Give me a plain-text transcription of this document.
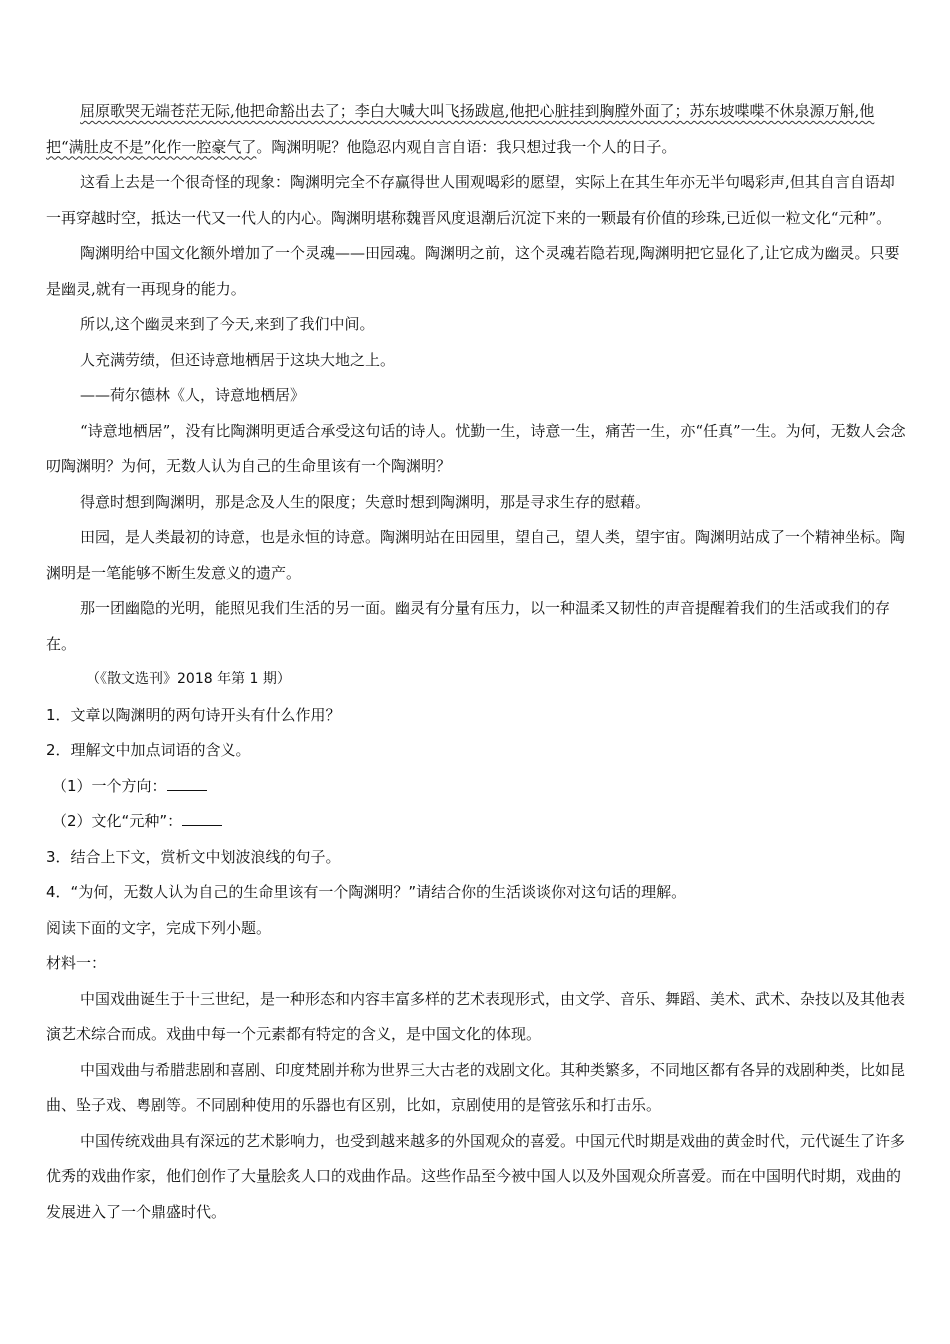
屈原歌哭无端苍茫无际,他把命豁出去了；李白大喊大叫飞扬跋扈,他把心脏挂到胸膛外面了；苏东坡喋喋不休泉源万斛,他把“满肚皮不是”化作一腔豪气了。陶渊明呢？他隐忍内观自言自语：我只想过我一个人的日子。

这看上去是一个很奇怪的现象：陶渊明完全不存赢得世人围观喝彩的愿望，实际上在其生年亦无半句喝彩声,但其自言自语却一再穿越时空，抵达一代又一代人的内心。陶渊明堪称魏晋风度退潮后沉淀下来的一颗最有价值的珍珠,已近似一粒文化“元种”。

陶渊明给中国文化额外增加了一个灵魂——田园魂。陶渊明之前，这个灵魂若隐若现,陶渊明把它显化了,让它成为幽灵。只要是幽灵,就有一再现身的能力。

所以,这个幽灵来到了今天,来到了我们中间。

人充满劳绩，但还诗意地栖居于这块大地之上。

——荷尔德林《人，诗意地栖居》

“诗意地栖居”，没有比陶渊明更适合承受这句话的诗人。忧勤一生，诗意一生，痛苦一生，亦“任真”一生。为何，无数人会念叨陶渊明？为何，无数人认为自己的生命里该有一个陶渊明？

得意时想到陶渊明，那是念及人生的限度；失意时想到陶渊明，那是寻求生存的慰藉。

田园，是人类最初的诗意，也是永恒的诗意。陶渊明站在田园里，望自己，望人类，望宇宙。陶渊明站成了一个精神坐标。陶渊明是一笔能够不断生发意义的遗产。

那一团幽隐的光明，能照见我们生活的另一面。幽灵有分量有压力，以一种温柔又韧性的声音提醒着我们的生活或我们的存在。

（《散文选刊》2018 年第 1 期）

1．文章以陶渊明的两句诗开头有什么作用？

2．理解文中加点词语的含义。

（1）一个方向：

（2）文化“元种”：

3．结合上下文，赏析文中划波浪线的句子。

4．“为何，无数人认为自己的生命里该有一个陶渊明？”请结合你的生活谈谈你对这句话的理解。

阅读下面的文字，完成下列小题。

材料一：

中国戏曲诞生于十三世纪，是一种形态和内容丰富多样的艺术表现形式，由文学、音乐、舞蹈、美术、武术、杂技以及其他表演艺术综合而成。戏曲中每一个元素都有特定的含义，是中国文化的体现。

中国戏曲与希腊悲剧和喜剧、印度梵剧并称为世界三大古老的戏剧文化。其种类繁多，不同地区都有各异的戏剧种类，比如昆曲、坠子戏、粤剧等。不同剧种使用的乐器也有区别，比如，京剧使用的是管弦乐和打击乐。

中国传统戏曲具有深远的艺术影响力，也受到越来越多的外国观众的喜爱。中国元代时期是戏曲的黄金时代，元代诞生了许多优秀的戏曲作家，他们创作了大量脍炙人口的戏曲作品。这些作品至今被中国人以及外国观众所喜爱。而在中国明代时期，戏曲的发展进入了一个鼎盛时代。
